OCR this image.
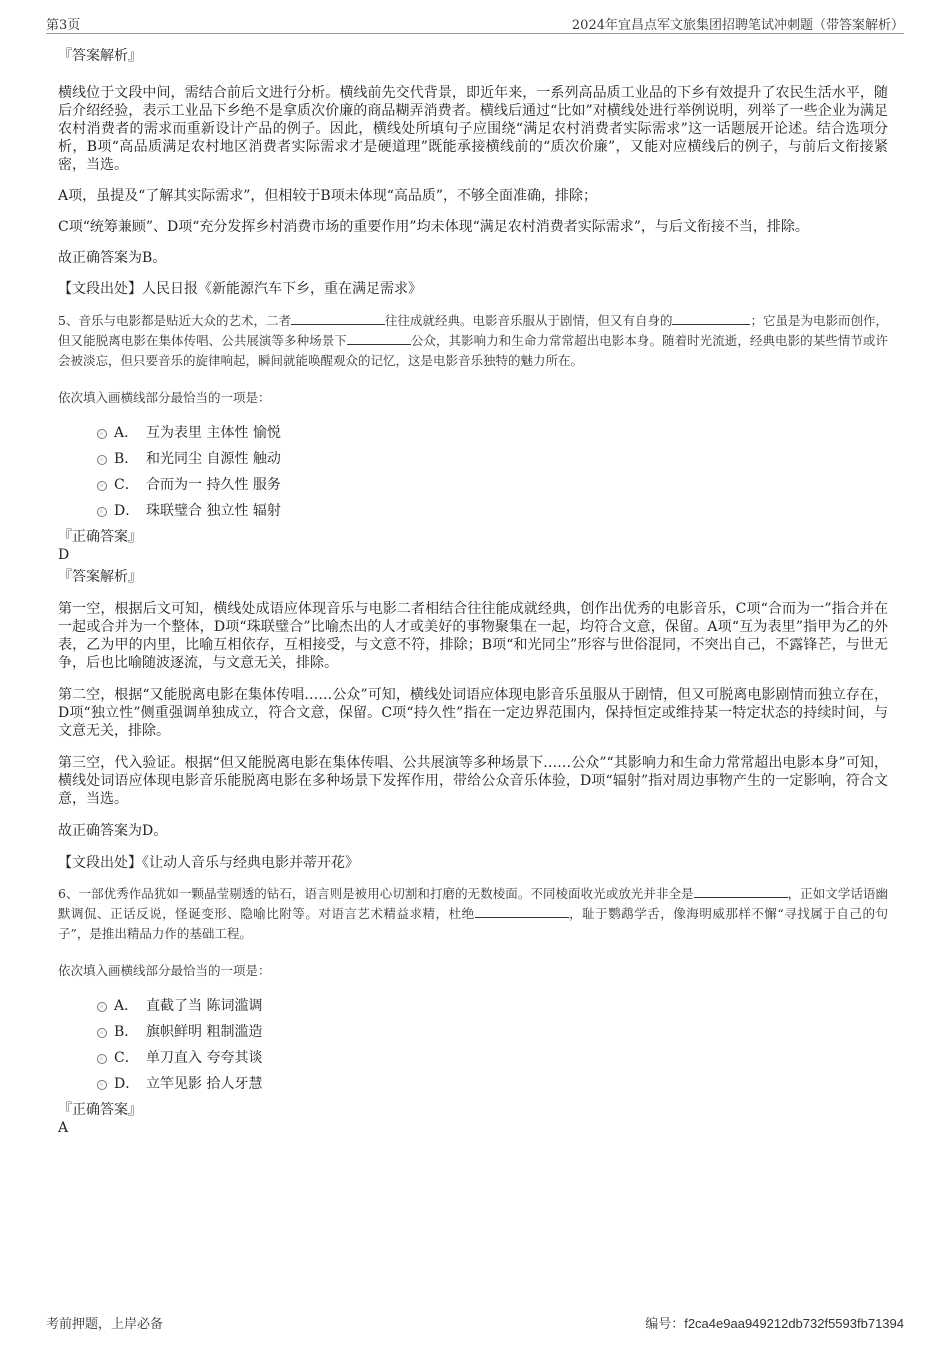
第3页	2024年宜昌点军文旅集团招聘笔试冲刺题（带答案解析）

『答案解析』

横线位于文段中间，需结合前后文进行分析。横线前先交代背景，即近年来，一系列高品质工业品的下乡有效提升了农民生活水平，随后介绍经验，表示工业品下乡绝不是拿质次价廉的商品糊弄消费者。横线后通过“比如”对横线处进行举例说明，列举了一些企业为满足农村消费者的需求而重新设计产品的例子。因此，横线处所填句子应围绕“满足农村消费者实际需求”这一话题展开论述。结合选项分析，B项“高品质满足农村地区消费者实际需求才是硬道理”既能承接横线前的“质次价廉”，又能对应横线后的例子，与前后文衔接紧密，当选。

A项，虽提及“了解其实际需求”，但相较于B项未体现“高品质”，不够全面准确，排除；

C项“统筹兼顾”、D项“充分发挥乡村消费市场的重要作用”均未体现“满足农村消费者实际需求”，与后文衔接不当，排除。

故正确答案为B。

【文段出处】人民日报《新能源汽车下乡，重在满足需求》

5、音乐与电影都是贴近大众的艺术，二者	往往成就经典。电影音乐服从于剧情，但又有自身的	；它虽是为电影而创作，但又能脱离电影在集体传唱、公共展演等多种场景下	公众，其影响力和生命力常常超出电影本身。随着时光流逝，经典电影的某些情节或许会被淡忘，但只要音乐的旋律响起，瞬间就能唤醒观众的记忆，这是电影音乐独特的魅力所在。

依次填入画横线部分最恰当的一项是：

A． 互为表里 主体性 愉悦
B． 和光同尘 自源性 触动
C． 合而为一 持久性 服务
D． 珠联璧合 独立性 辐射

『正确答案』

D

『答案解析』

第一空，根据后文可知，横线处成语应体现音乐与电影二者相结合往往能成就经典，创作出优秀的电影音乐，C项“合而为一”指合并在一起或合并为一个整体，D项“珠联璧合”比喻杰出的人才或美好的事物聚集在一起，均符合文意，保留。A项“互为表里”指甲为乙的外表，乙为甲的内里，比喻互相依存，互相接受，与文意不符，排除；B项“和光同尘”形容与世俗混同，不突出自己，不露锋芒，与世无争，后也比喻随波逐流，与文意无关，排除。

第二空，根据“又能脱离电影在集体传唱……公众”可知，横线处词语应体现电影音乐虽服从于剧情，但又可脱离电影剧情而独立存在，D项“独立性”侧重强调单独成立，符合文意，保留。C项“持久性”指在一定边界范围内，保持恒定或维持某一特定状态的持续时间，与文意无关，排除。

第三空，代入验证。根据“但又能脱离电影在集体传唱、公共展演等多种场景下……公众”“其影响力和生命力常常超出电影本身”可知，横线处词语应体现电影音乐能脱离电影在多种场景下发挥作用，带给公众音乐体验，D项“辐射”指对周边事物产生的一定影响，符合文意，当选。

故正确答案为D。

【文段出处】《让动人音乐与经典电影并蒂开花》

6、一部优秀作品犹如一颗晶莹剔透的钻石，语言则是被用心切割和打磨的无数棱面。不同棱面收光或放光并非全是	，正如文学话语幽默调侃、正话反说，怪诞变形、隐喻比附等。对语言艺术精益求精，杜绝	，耻于鹦鹉学舌，像海明威那样不懈“寻找属于自己的句子”，是推出精品力作的基础工程。

依次填入画横线部分最恰当的一项是：

A． 直截了当 陈词滥调
B． 旗帜鲜明 粗制滥造
C． 单刀直入 夸夸其谈
D． 立竿见影 拾人牙慧

『正确答案』

A

考前押题，上岸必备	编号：f2ca4e9aa949212db732f5593fb71394
